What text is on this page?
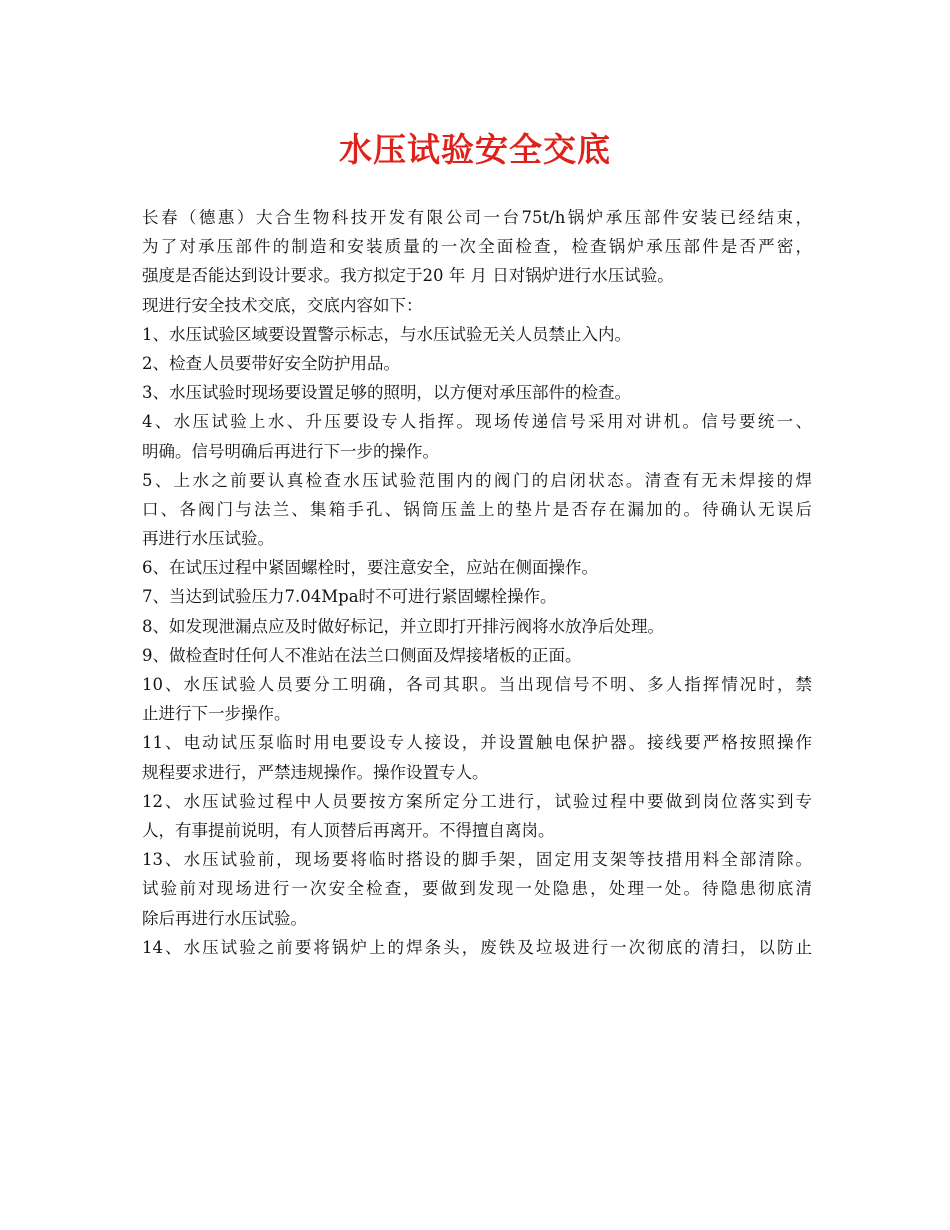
水压试验安全交底
长春（德惠）大合生物科技开发有限公司一台75t/h锅炉承压部件安装已经结束，
为了对承压部件的制造和安装质量的一次全面检查，检查锅炉承压部件是否严密，
强度是否能达到设计要求。我方拟定于20 年 月 日对锅炉进行水压试验。
现进行安全技术交底，交底内容如下：
1、水压试验区域要设置警示标志，与水压试验无关人员禁止入内。
2、检查人员要带好安全防护用品。
3、水压试验时现场要设置足够的照明，以方便对承压部件的检查。
4、水压试验上水、升压要设专人指挥。现场传递信号采用对讲机。信号要统一、
明确。信号明确后再进行下一步的操作。
5、上水之前要认真检查水压试验范围内的阀门的启闭状态。清查有无未焊接的焊
口、各阀门与法兰、集箱手孔、锅筒压盖上的垫片是否存在漏加的。待确认无误后
再进行水压试验。
6、在试压过程中紧固螺栓时，要注意安全，应站在侧面操作。
7、当达到试验压力7.04Mpa时不可进行紧固螺栓操作。
8、如发现泄漏点应及时做好标记，并立即打开排污阀将水放净后处理。
9、做检查时任何人不准站在法兰口侧面及焊接堵板的正面。
10、水压试验人员要分工明确，各司其职。当出现信号不明、多人指挥情况时，禁
止进行下一步操作。
11、电动试压泵临时用电要设专人接设，并设置触电保护器。接线要严格按照操作
规程要求进行，严禁违规操作。操作设置专人。
12、水压试验过程中人员要按方案所定分工进行，试验过程中要做到岗位落实到专
人，有事提前说明，有人顶替后再离开。不得擅自离岗。
13、水压试验前，现场要将临时搭设的脚手架，固定用支架等技措用料全部清除。
试验前对现场进行一次安全检查，要做到发现一处隐患，处理一处。待隐患彻底清
除后再进行水压试验。
14、水压试验之前要将锅炉上的焊条头，废铁及垃圾进行一次彻底的清扫，以防止
